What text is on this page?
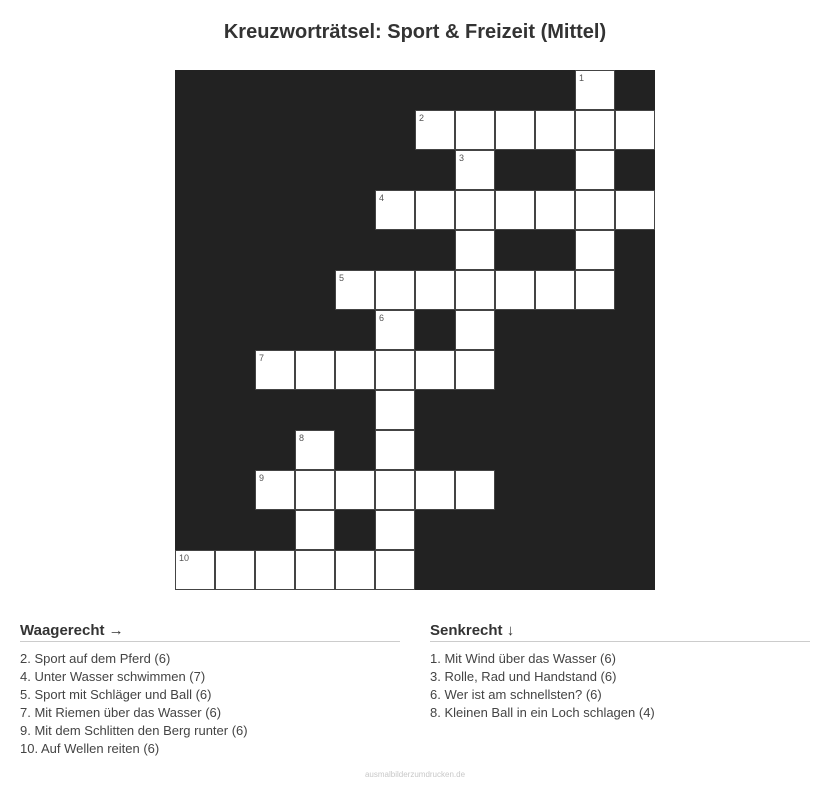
Kreuzworträtsel: Sport & Freizeit (Mittel)
1
2
3
4
5
6
7
8
9
10
Waagerecht →
2. Sport auf dem Pferd (6)
4. Unter Wasser schwimmen (7)
5. Sport mit Schläger und Ball (6)
7. Mit Riemen über das Wasser (6)
9. Mit dem Schlitten den Berg runter (6)
10. Auf Wellen reiten (6)
Senkrecht ↓
1. Mit Wind über das Wasser (6)
3. Rolle, Rad und Handstand (6)
6. Wer ist am schnellsten? (6)
8. Kleinen Ball in ein Loch schlagen (4)
ausmalbilderzumdrucken.de
